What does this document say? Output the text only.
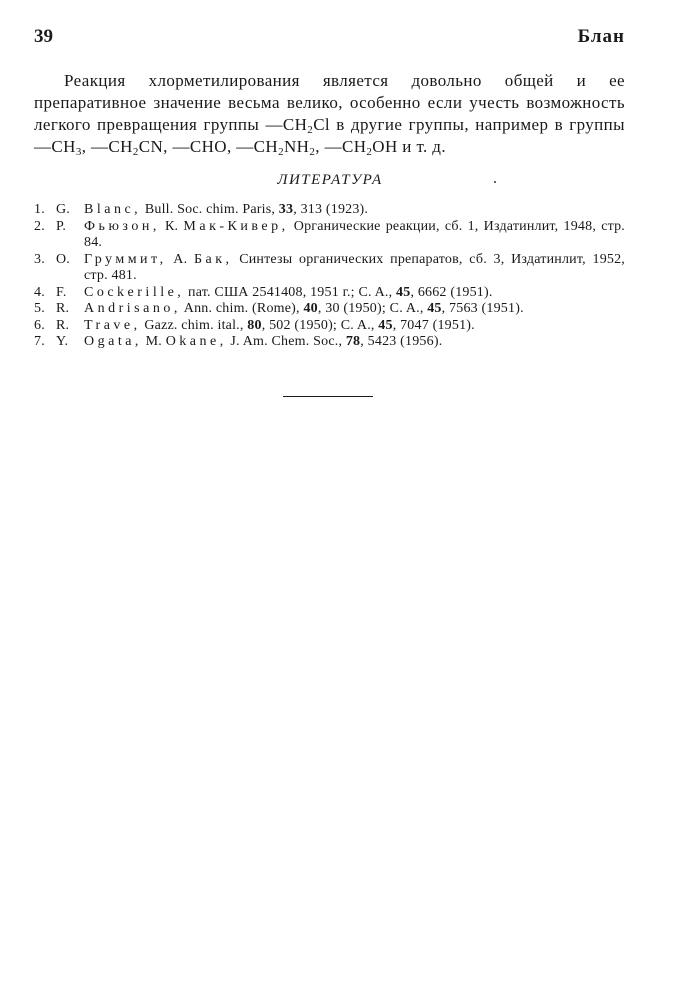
39	Блан
Реакция хлорметилирования является довольно общей и ее препаративное значение весьма велико, особенно если учесть возможность легкого превращения группы $—CH_2Cl$ в другие группы, например в группы $—CH_3$, $—CH_2CN$, —CHO, $—CH_2NH_2$, $—CH_2OH$ и т. д.
ЛИТЕРАТУРА
1. G. Blanc, Bull. Soc. chim. Paris, 33, 313 (1923).
2. P.	Фьюзон, К. Мак-Кивер, Органические реакции, сб. 1, Издатинлит, 1948, стр. 84.
3. О. Груммит, А. Бак, Синтезы органических препаратов, сб. 3, Издатинлит, 1952, стр. 481.
4. F.	Cockerille, пат. США 2541408, 1951 г.; C. A., 45, 6662 (1951).
5. R.	Andrisano, Ann. chim. (Rome), 40, 30 (1950); C. A., 45, 7563 (1951).
6. R.	Trave, Gazz. chim. ital., 80, 502 (1950); C. A., 45, 7047 (1951).
7. Y.	Ogata, M. Okane, J. Am. Chem. Soc., 78, 5423 (1956).
